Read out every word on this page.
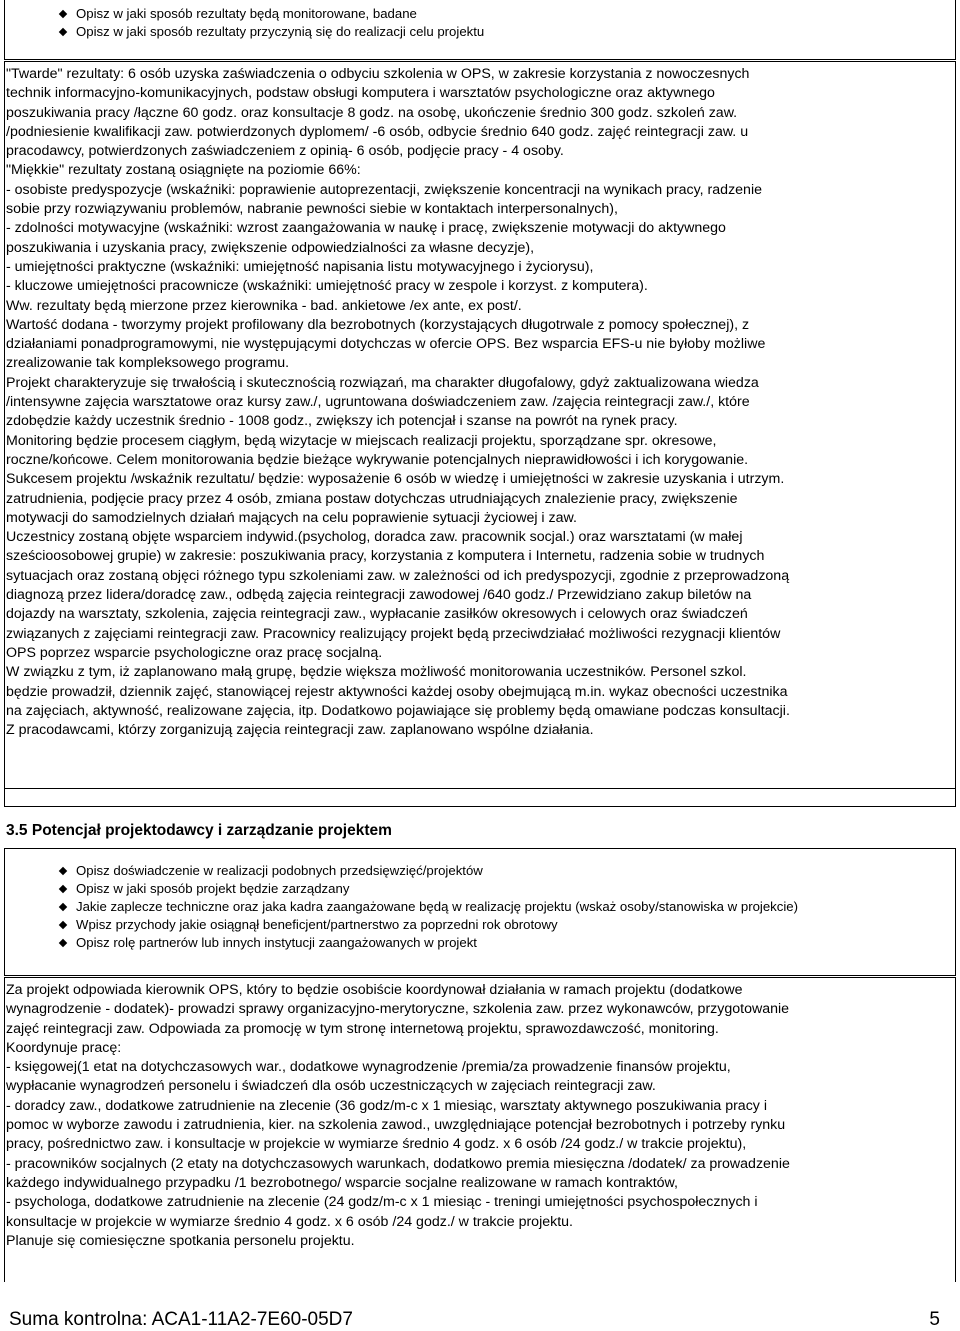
Opisz w jaki sposób rezultaty będą monitorowane, badane
Opisz w jaki sposób rezultaty przyczynią się do realizacji celu projektu
"Twarde" rezultaty: 6 osób uzyska zaświadczenia o odbyciu szkolenia w OPS, w zakresie korzystania z nowoczesnych
technik informacyjno-komunikacyjnych, podstaw obsługi komputera i warsztatów psychologiczne oraz aktywnego
poszukiwania pracy /łączne 60 godz. oraz konsultacje 8 godz. na osobę, ukończenie średnio 300 godz. szkoleń zaw.
/podniesienie kwalifikacji zaw. potwierdzonych dyplomem/ -6 osób, odbycie średnio 640 godz. zajęć reintegracji zaw. u
pracodawcy, potwierdzonych zaświadczeniem z opinią- 6 osób, podjęcie pracy - 4 osoby.
"Miękkie" rezultaty zostaną osiągnięte na poziomie 66%:
- osobiste predyspozycje (wskaźniki: poprawienie autoprezentacji, zwiększenie koncentracji na wynikach pracy, radzenie
sobie przy rozwiązywaniu problemów, nabranie pewności siebie w kontaktach interpersonalnych),
- zdolności motywacyjne (wskaźniki: wzrost zaangażowania w naukę i pracę, zwiększenie motywacji do aktywnego
poszukiwania i uzyskania pracy, zwiększenie odpowiedzialności za własne decyzje),
- umiejętności praktyczne (wskaźniki: umiejętność napisania listu motywacyjnego i życiorysu),
- kluczowe umiejętności pracownicze (wskaźniki: umiejętność pracy w zespole i korzyst. z komputera).
Ww. rezultaty będą mierzone przez kierownika - bad. ankietowe /ex ante, ex post/.
Wartość dodana - tworzymy projekt profilowany dla bezrobotnych (korzystających długotrwale z pomocy społecznej), z
działaniami ponadprogramowymi, nie występującymi dotychczas w ofercie OPS. Bez wsparcia EFS-u nie byłoby możliwe
zrealizowanie tak kompleksowego programu.
Projekt charakteryzuje się trwałością i skutecznością rozwiązań, ma charakter długofalowy, gdyż zaktualizowana wiedza
/intensywne zajęcia warsztatowe oraz kursy zaw./, ugruntowana doświadczeniem zaw. /zajęcia reintegracji zaw./, które
zdobędzie każdy uczestnik średnio - 1008 godz., zwiększy ich potencjał i szanse na powrót na rynek pracy.
Monitoring będzie procesem ciągłym, będą wizytacje w miejscach realizacji projektu, sporządzane spr. okresowe,
roczne/końcowe. Celem monitorowania będzie bieżące wykrywanie potencjalnych nieprawidłowości i ich korygowanie.
Sukcesem projektu /wskaźnik rezultatu/ będzie: wyposażenie 6 osób w wiedzę i umiejętności w zakresie uzyskania i utrzym.
zatrudnienia, podjęcie pracy przez 4 osób, zmiana postaw dotychczas utrudniających znalezienie pracy, zwiększenie
motywacji do samodzielnych działań mających na celu poprawienie sytuacji życiowej i zaw.
Uczestnicy zostaną objęte wsparciem indywid.(psycholog, doradca zaw. pracownik socjal.) oraz warsztatami (w małej
sześcioosobowej grupie) w zakresie: poszukiwania pracy, korzystania z komputera i Internetu, radzenia sobie w trudnych
sytuacjach oraz zostaną objęci różnego typu szkoleniami zaw. w zależności od ich predyspozycji, zgodnie z przeprowadzoną
diagnozą przez lidera/doradcę zaw., odbędą zajęcia reintegracji zawodowej /640 godz./ Przewidziano zakup biletów na
dojazdy na warsztaty, szkolenia, zajęcia reintegracji zaw., wypłacanie zasiłków okresowych i celowych oraz świadczeń
związanych z zajęciami reintegracji zaw. Pracownicy realizujący projekt będą przeciwdziałać możliwości rezygnacji klientów
OPS poprzez wsparcie psychologiczne oraz pracę socjalną.
W związku z tym, iż zaplanowano małą grupę, będzie większa możliwość monitorowania uczestników. Personel szkol.
będzie prowadził, dziennik zajęć, stanowiącej rejestr aktywności każdej osoby obejmującą m.in. wykaz obecności uczestnika
na zajęciach, aktywność, realizowane zajęcia, itp. Dodatkowo pojawiające się problemy będą omawiane podczas konsultacji.
Z pracodawcami, którzy zorganizują zajęcia reintegracji zaw. zaplanowano wspólne działania.
3.5 Potencjał projektodawcy i zarządzanie projektem
Opisz doświadczenie w realizacji podobnych przedsięwzięć/projektów
Opisz w jaki sposób projekt będzie zarządzany
Jakie zaplecze techniczne oraz jaka kadra zaangażowane będą w realizację projektu (wskaż osoby/stanowiska w projekcie)
Wpisz przychody jakie osiągnął beneficjent/partnerstwo za poprzedni rok obrotowy
Opisz rolę partnerów lub innych instytucji zaangażowanych w projekt
Za projekt odpowiada kierownik OPS, który to będzie osobiście koordynował działania w ramach projektu (dodatkowe
wynagrodzenie - dodatek)- prowadzi sprawy organizacyjno-merytoryczne, szkolenia zaw. przez wykonawców, przygotowanie
zajęć reintegracji zaw. Odpowiada za promocję w tym stronę internetową projektu, sprawozdawczość, monitoring.
Koordynuje pracę:
- księgowej(1 etat na dotychczasowych war., dodatkowe wynagrodzenie /premia/za prowadzenie finansów projektu,
wypłacanie wynagrodzeń personelu i świadczeń dla osób uczestniczących w zajęciach reintegracji zaw.
- doradcy zaw., dodatkowe zatrudnienie na zlecenie (36 godz/m-c x 1 miesiąc, warsztaty aktywnego poszukiwania pracy i
pomoc w wyborze zawodu i zatrudnienia, kier. na szkolenia zawod., uwzględniające potencjał bezrobotnych i potrzeby rynku
pracy, pośrednictwo zaw. i konsultacje w projekcie w wymiarze średnio 4 godz. x 6 osób /24 godz./ w trakcie projektu),
- pracowników socjalnych (2 etaty na dotychczasowych warunkach, dodatkowo premia miesięczna /dodatek/ za prowadzenie
każdego indywidualnego przypadku /1 bezrobotnego/ wsparcie socjalne realizowane w ramach kontraktów,
- psychologa, dodatkowe zatrudnienie na zlecenie (24 godz/m-c x 1 miesiąc - treningi umiejętności psychospołecznych i
konsultacje w projekcie w wymiarze średnio 4 godz. x 6 osób /24 godz./ w trakcie projektu.
Planuje się comiesięczne spotkania personelu projektu.
Suma kontrolna: ACA1-11A2-7E60-05D7	5
